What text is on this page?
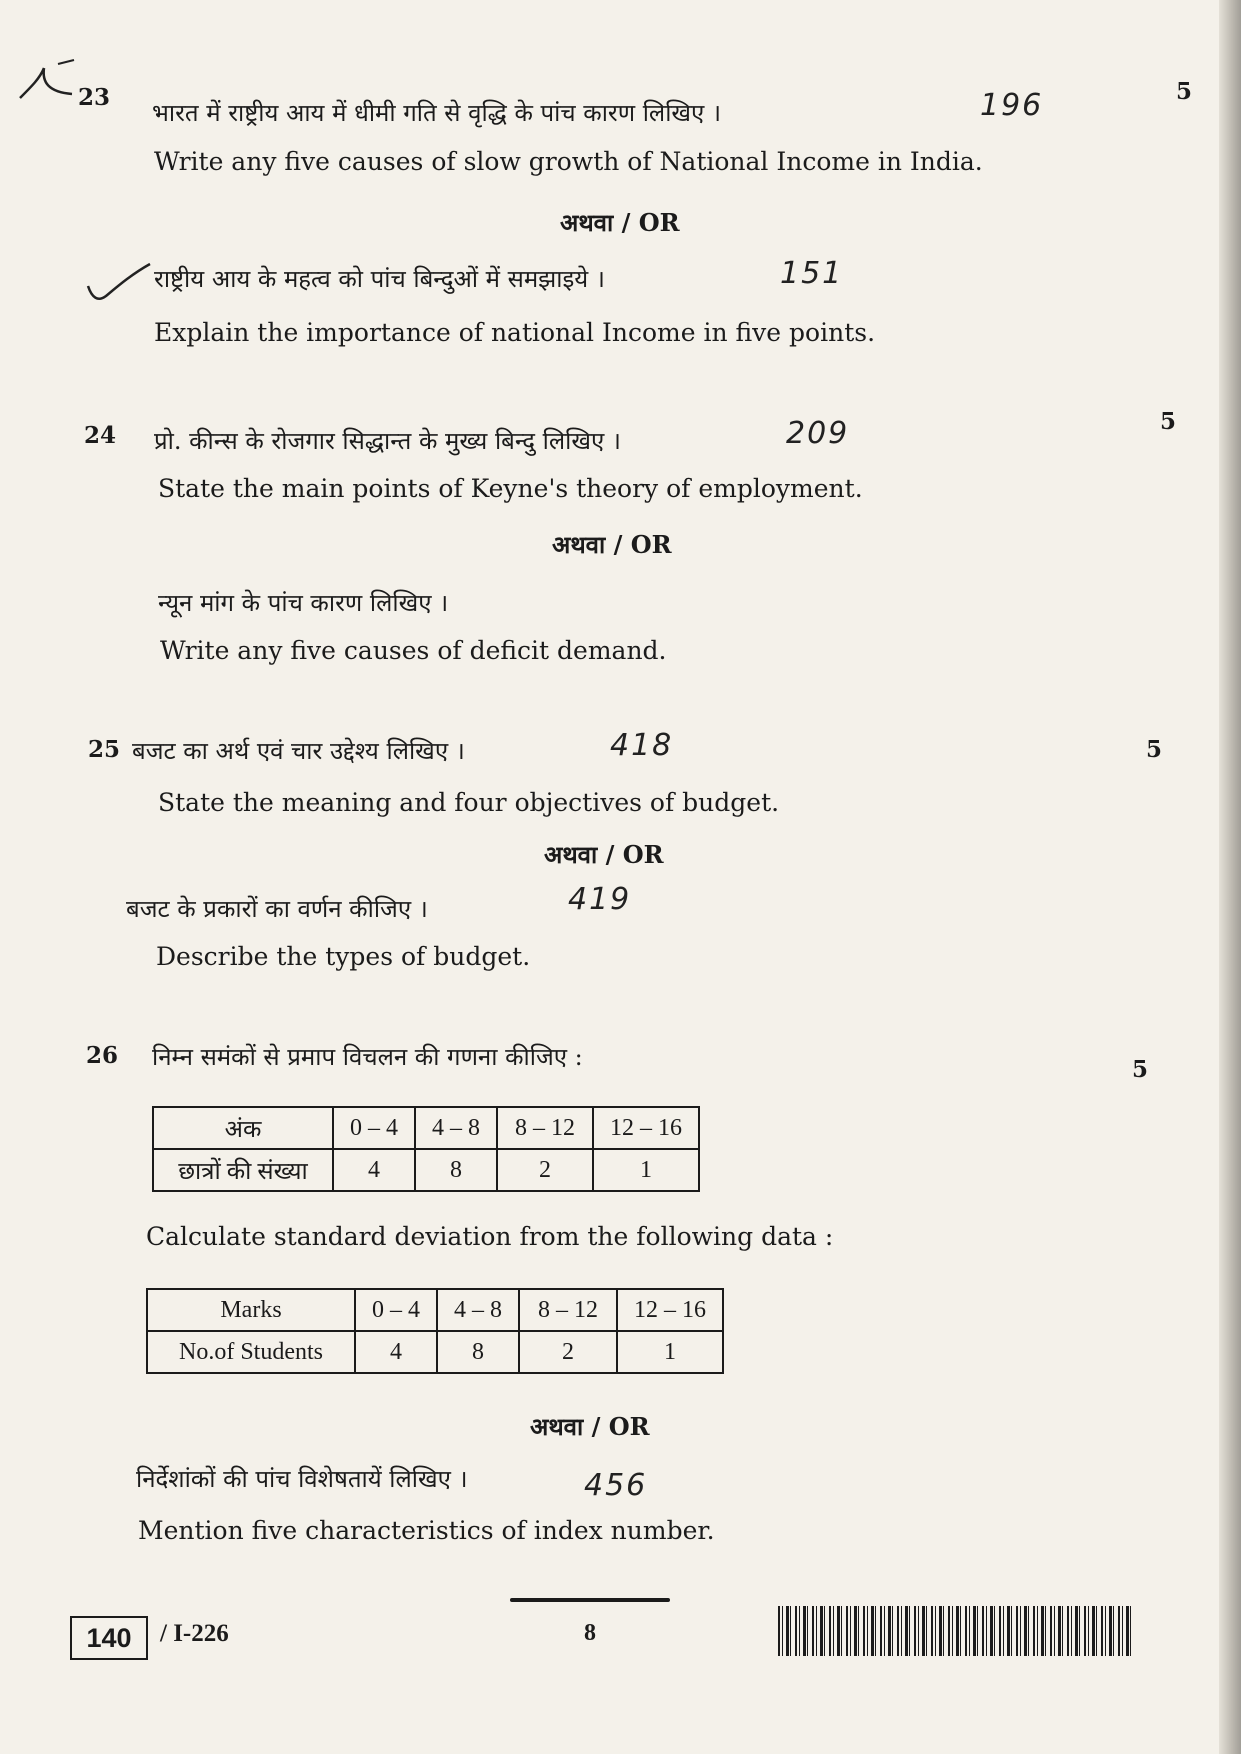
23	5
भारत में राष्ट्रीय आय में धीमी गति से वृद्धि के पांच कारण लिखिए ।	196
Write any five causes of slow growth of National Income in India.
अथवा / OR
राष्ट्रीय आय के महत्व को पांच बिन्दुओं में समझाइये ।	151
Explain the importance of national Income in five points.
24
5
प्रो. कीन्स के रोजगार सिद्धान्त के मुख्य बिन्दु लिखिए ।	209
State the main points of Keyne's theory of employment.
अथवा / OR
न्यून मांग के पांच कारण लिखिए ।
Write any five causes of deficit demand.
25	5
बजट का अर्थ एवं चार उद्देश्य लिखिए ।	418
State the meaning and four objectives of budget.
अथवा / OR
बजट के प्रकारों का वर्णन कीजिए ।	419
Describe the types of budget.
26
5
निम्न समंकों से प्रमाप विचलन की गणना कीजिए :
अंक	0 – 4	4 – 8	8 – 12	12 – 16
छात्रों की संख्या	4	8	2	1
Calculate standard deviation from the following data :
Marks	0 – 4	4 – 8	8 – 12	12 – 16
No.of Students	4	8	2	1
अथवा / OR
निर्देशांकों की पांच विशेषतायें लिखिए ।	456
Mention five characteristics of index number.
140	/ I-226	8
